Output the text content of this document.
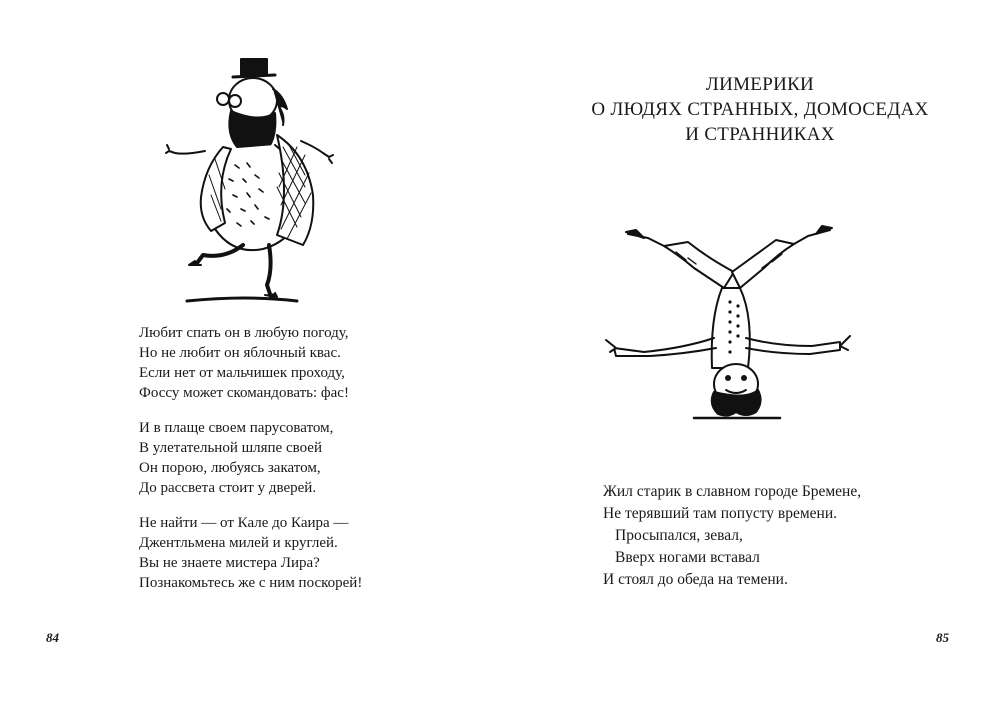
Любит спать он в любую погоду,
Но не любит он яблочный квас.
Если нет от мальчишек проходу,
Фоссу может скомандовать: фас!
И в плаще своем парусоватом,
В улетательной шляпе своей
Он порою, любуясь закатом,
До рассвета стоит у дверей.
Не найти — от Кале до Каира —
Джентльмена милей и круглей.
Вы не знаете мистера Лира?
Познакомьтесь же с ним поскорей!
84
ЛИМЕРИКИ
О ЛЮДЯХ СТРАННЫХ, ДОМОСЕДАХ
И СТРАННИКАХ
Жил старик в славном городе Бремене,
Не терявший там попусту времени.
Просыпался, зевал,
Вверх ногами вставал
И стоял до обеда на темени.
85
